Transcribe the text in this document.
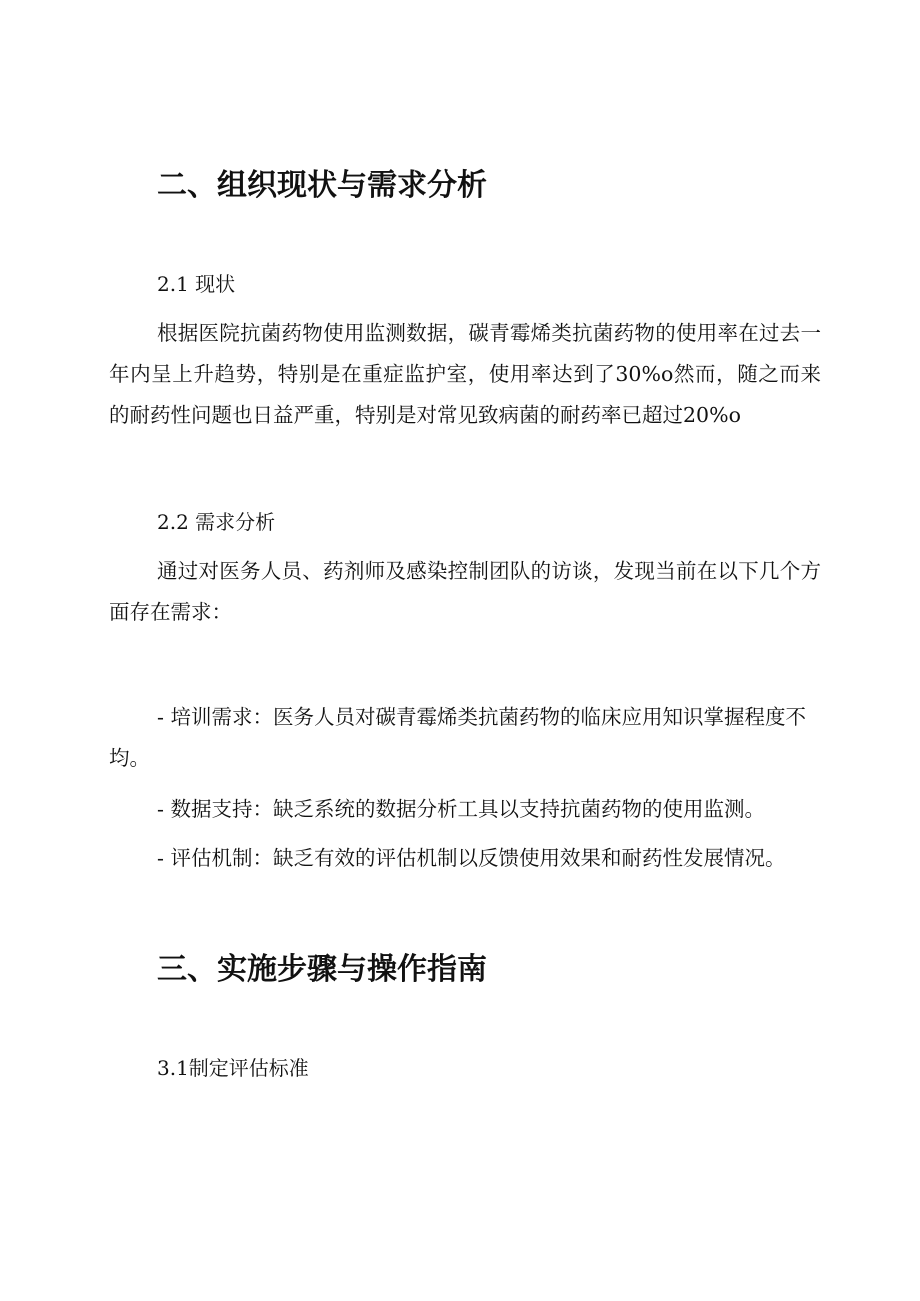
二、组织现状与需求分析
2.1 现状

根据医院抗菌药物使用监测数据，碳青霉烯类抗菌药物的使用率在过去一年内呈上升趋势，特别是在重症监护室，使用率达到了30%o然而，随之而来的耐药性问题也日益严重，特别是对常见致病菌的耐药率已超过20%o

2.2 需求分析

通过对医务人员、药剂师及感染控制团队的访谈，发现当前在以下几个方面存在需求：

- 培训需求：医务人员对碳青霉烯类抗菌药物的临床应用知识掌握程度不均。

- 数据支持：缺乏系统的数据分析工具以支持抗菌药物的使用监测。

- 评估机制：缺乏有效的评估机制以反馈使用效果和耐药性发展情况。

三、实施步骤与操作指南
3.1制定评估标准
